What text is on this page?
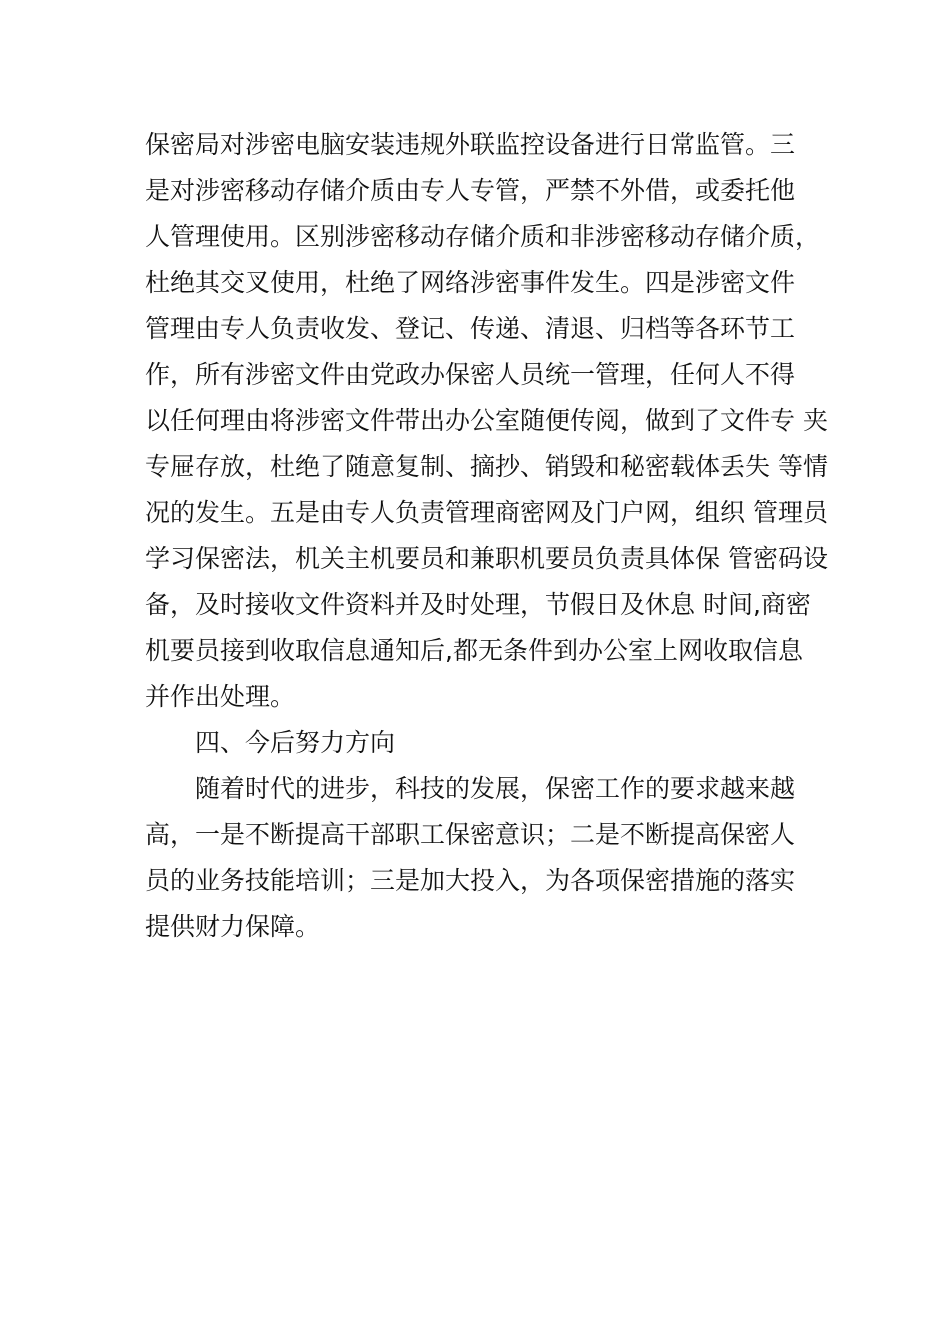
保密局对涉密电脑安装违规外联监控设备进行日常监管。三
是对涉密移动存储介质由专人专管，严禁不外借，或委托他
人管理使用。区别涉密移动存储介质和非涉密移动存储介质，
杜绝其交叉使用，杜绝了网络涉密事件发生。四是涉密文件
管理由专人负责收发、登记、传递、清退、归档等各环节工
作，所有涉密文件由党政办保密人员统一管理，任何人不得
以任何理由将涉密文件带出办公室随便传阅，做到了文件专 夹
专屉存放，杜绝了随意复制、摘抄、销毁和秘密载体丢失 等情
况的发生。五是由专人负责管理商密网及门户网，组织 管理员
学习保密法，机关主机要员和兼职机要员负责具体保 管密码设
备，及时接收文件资料并及时处理，节假日及休息 时间,商密
机要员接到收取信息通知后,都无条件到办公室上网收取信息
并作出处理。
四、今后努力方向
随着时代的进步，科技的发展，保密工作的要求越来越
高，一是不断提高干部职工保密意识；二是不断提高保密人
员的业务技能培训；三是加大投入，为各项保密措施的落实
提供财力保障。
